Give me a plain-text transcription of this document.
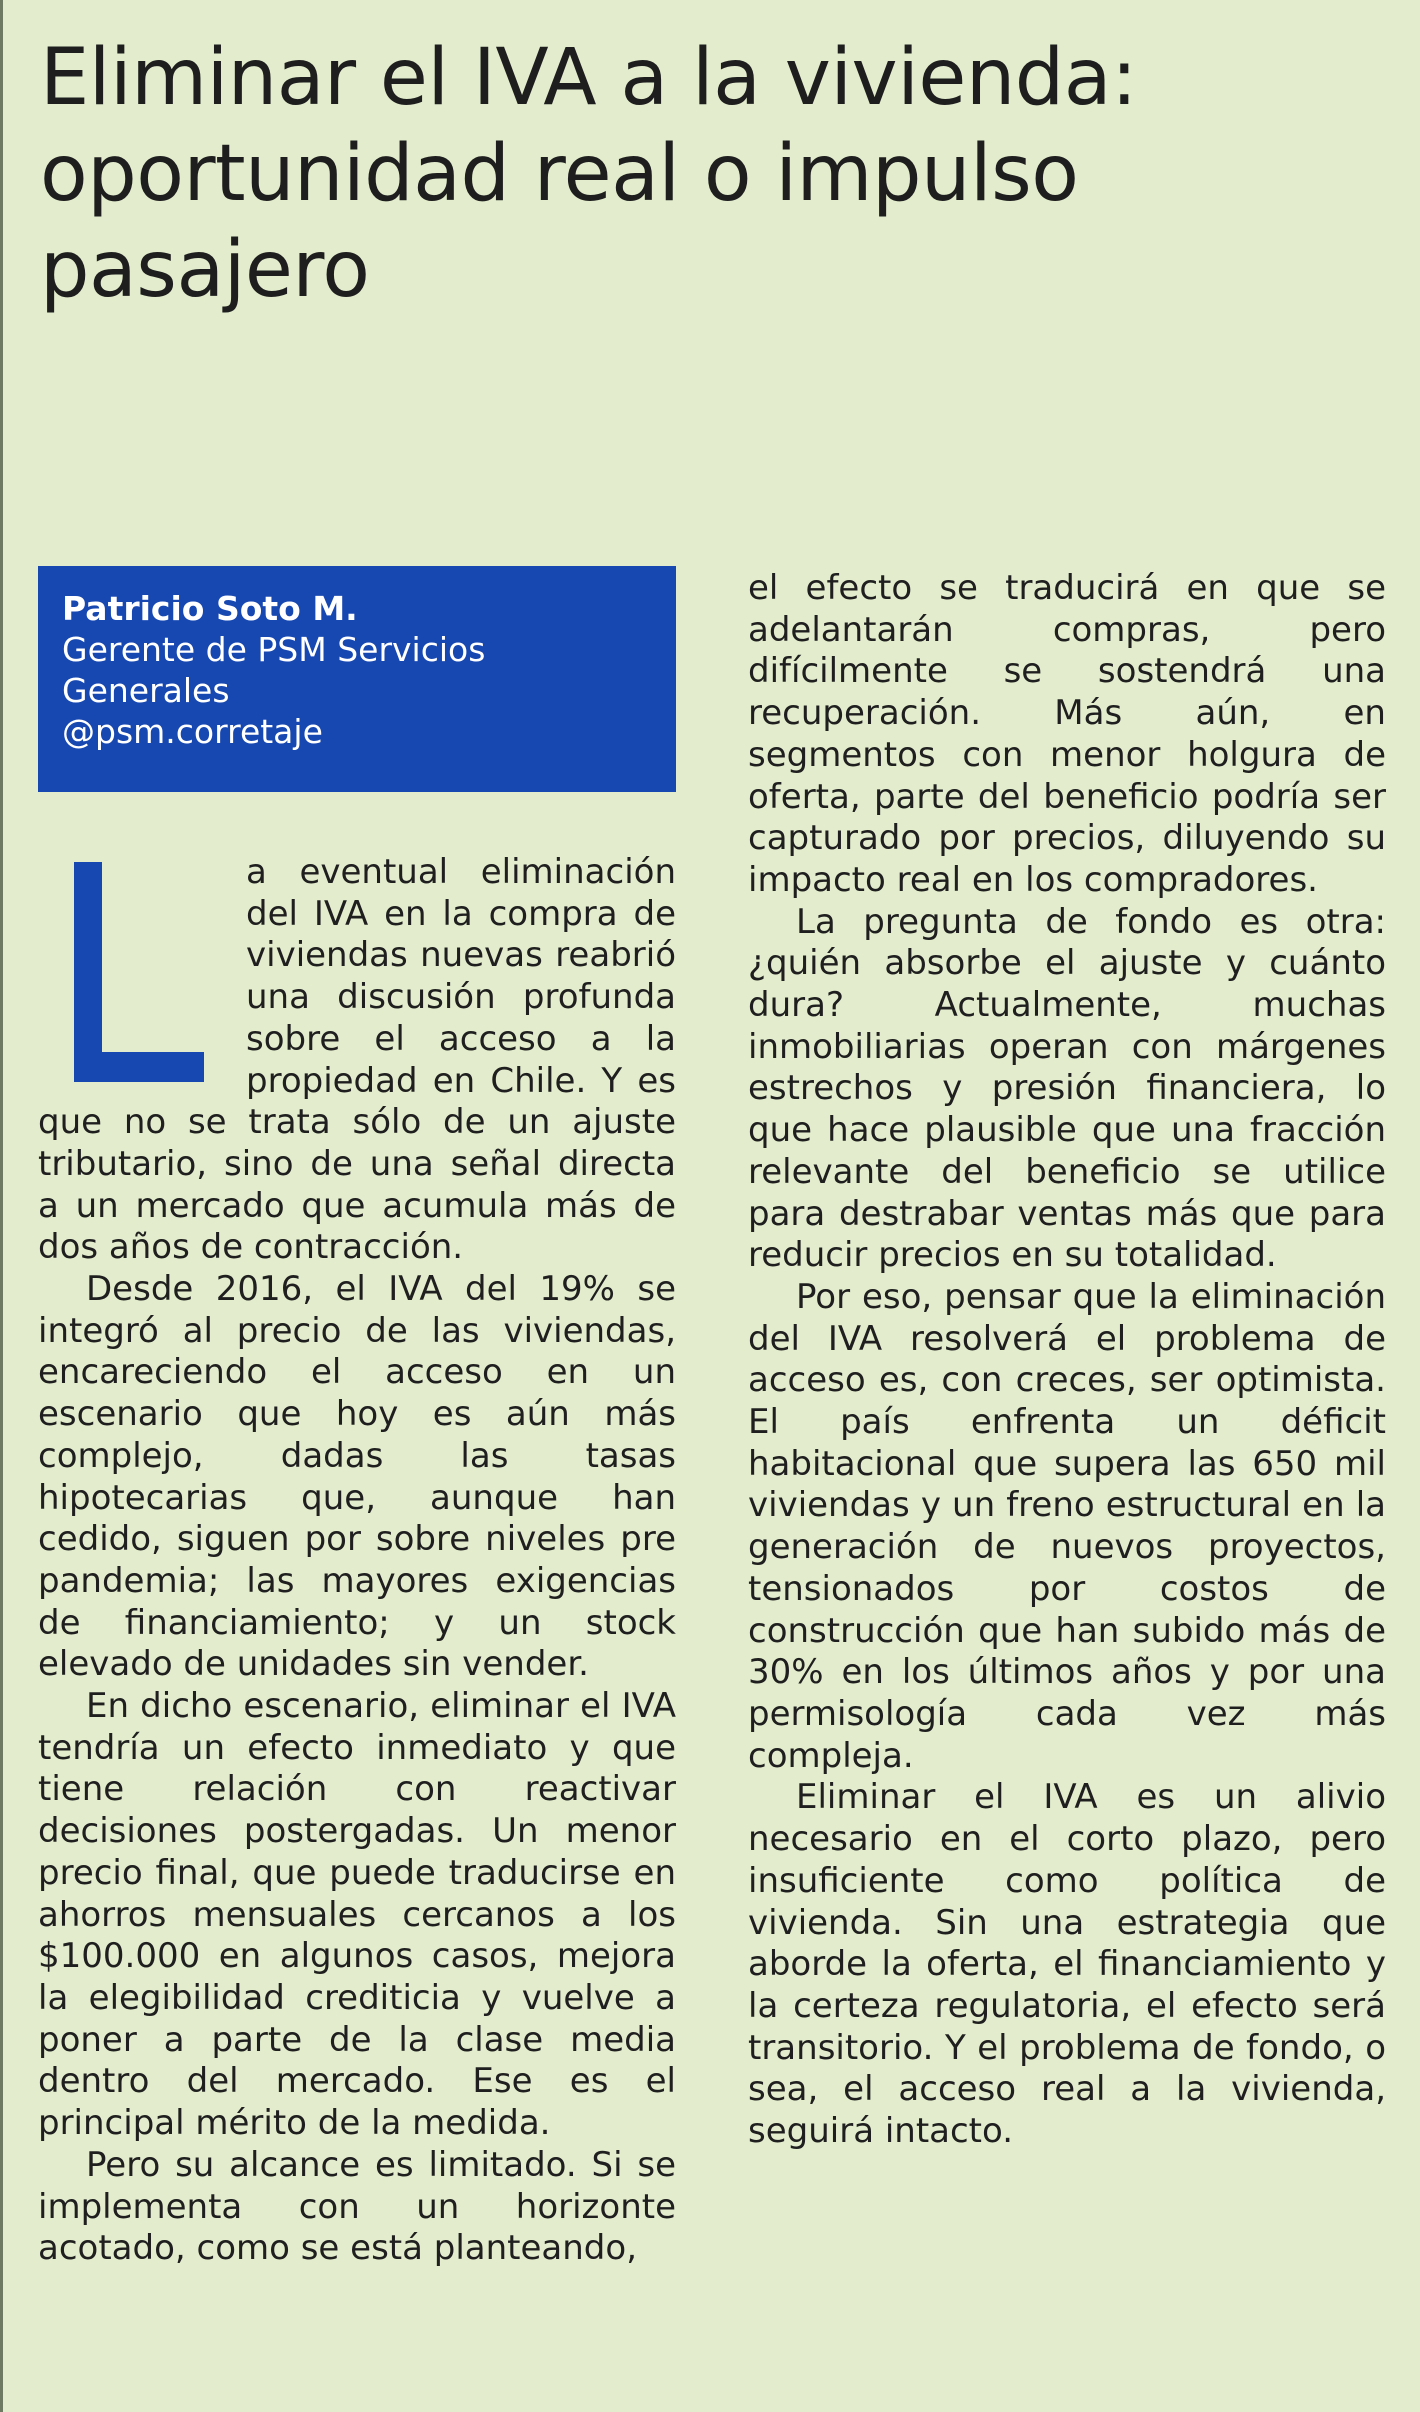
Eliminar el IVA a la vivienda: oportunidad real o impulso pasajero
Patricio Soto M.
Gerente de PSM Servicios
Generales
@psm.corretaje

a eventual eliminación del IVA en la compra de viviendas nuevas reabrió una discusión profunda sobre el acceso a la propiedad en Chile. Y es que no se trata sólo de un ajuste tributario, sino de una señal directa a un mercado que acumula más de dos años de contracción.

Desde 2016, el IVA del 19% se integró al precio de las viviendas, encareciendo el acceso en un escenario que hoy es aún más complejo, dadas las tasas hipotecarias que, aunque han cedido, siguen por sobre niveles pre pandemia; las mayores exigencias de financiamiento; y un stock elevado de unidades sin vender.

En dicho escenario, eliminar el IVA tendría un efecto inmediato y que tiene relación con reactivar decisiones postergadas. Un menor precio final, que puede traducirse en ahorros mensuales cercanos a los $100.000 en algunos casos, mejora la elegibilidad crediticia y vuelve a poner a parte de la clase media dentro del mercado. Ese es el principal mérito de la medida.

Pero su alcance es limitado. Si se implementa con un horizonte acotado, como se está planteando,

el efecto se traducirá en que se adelantarán compras, pero difícilmente se sostendrá una recuperación. Más aún, en segmentos con menor holgura de oferta, parte del beneficio podría ser capturado por precios, diluyendo su impacto real en los compradores.

La pregunta de fondo es otra: ¿quién absorbe el ajuste y cuánto dura? Actualmente, muchas inmobiliarias operan con márgenes estrechos y presión financiera, lo que hace plausible que una fracción relevante del beneficio se utilice para destrabar ventas más que para reducir precios en su totalidad.

Por eso, pensar que la eliminación del IVA resolverá el problema de acceso es, con creces, ser optimista. El país enfrenta un déficit habitacional que supera las 650 mil viviendas y un freno estructural en la generación de nuevos proyectos, tensionados por costos de construcción que han subido más de 30% en los últimos años y por una permisología cada vez más compleja.

Eliminar el IVA es un alivio necesario en el corto plazo, pero insuficiente como política de vivienda. Sin una estrategia que aborde la oferta, el financiamiento y la certeza regulatoria, el efecto será transitorio. Y el problema de fondo, o sea, el acceso real a la vivienda, seguirá intacto.
